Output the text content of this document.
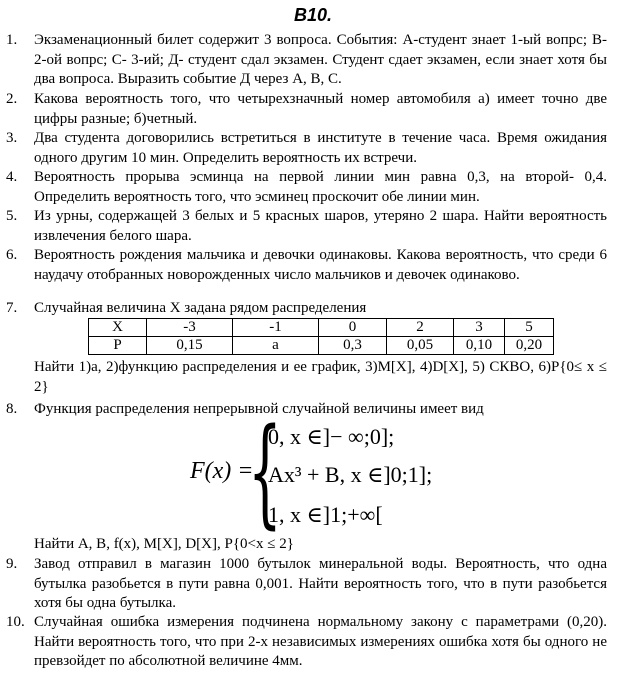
B10.
1. Экзаменационный билет содержит 3 вопроса. События: А-студент знает 1-ый вопрс; В- 2-ой вопрс; С- 3-ий; Д- студент сдал экзамен. Студент сдает экзамен, если знает хотя бы два вопроса. Выразить событие Д через А, В, С.
2. Какова вероятность того, что четырехзначный номер автомобиля а) имеет точно две цифры разные; б)четный.
3. Два студента договорились встретиться в институте в течение часа. Время ожидания одного другим 10 мин. Определить вероятность их встречи.
4. Вероятность прорыва эсминца на первой линии мин равна 0,3, на второй- 0,4. Определить вероятность того, что эсминец проскочит обе линии мин.
5. Из урны, содержащей 3 белых и 5 красных шаров, утеряно 2 шара. Найти вероятность извлечения белого шара.
6. Вероятность рождения мальчика и девочки одинаковы. Какова вероятность, что среди 6 наудачу отобранных новорожденных число мальчиков и девочек одинаково.
7. Случайная величина Х задана рядом распределения
Х	-3	-1	0	2	3	5
Р	0,15	а	0,3	0,05	0,10	0,20
Найти 1)а, 2)функцию распределения и ее график, 3)M[X], 4)D[X], 5) СКВО, 6)P{0≤ x ≤ 2}
8. Функция распределения непрерывной случайной величины имеет вид
F(x) =
{
0, x ∈]− ∞;0];
Ax³ + B, x ∈]0;1];
1, x ∈]1;+∞[
Найти A, B, f(x), M[X], D[X], P{0<x ≤ 2}
9. Завод отправил в магазин 1000 бутылок минеральной воды. Вероятность, что одна бутылка разобьется в пути равна 0,001. Найти вероятность того, что в пути разобьется хотя бы одна бутылка.
10. Случайная ошибка измерения подчинена нормальному закону с параметрами (0,20). Найти вероятность того, что при 2-х независимых измерениях ошибка хотя бы одного не превзойдет по абсолютной величине 4мм.
